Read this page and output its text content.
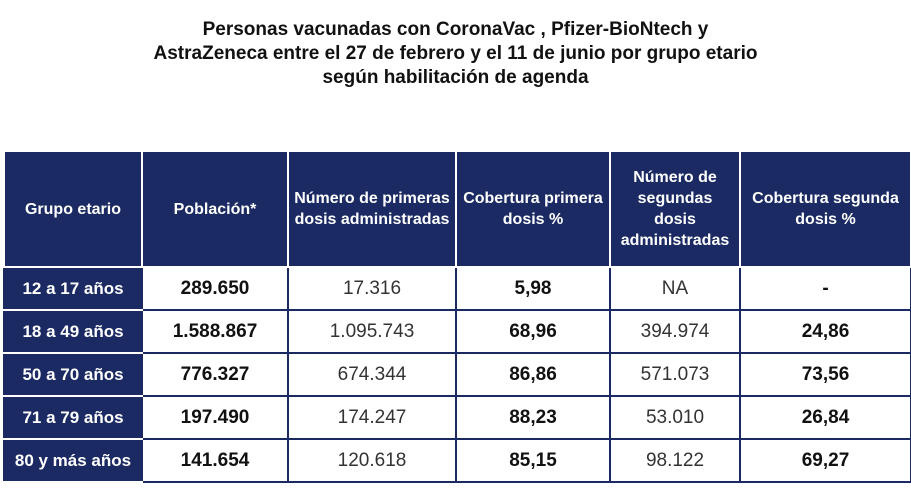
Personas vacunadas con CoronaVac , Pfizer-BioNtech y
AstraZeneca entre el 27 de febrero y el 11 de junio por grupo etario
según habilitación de agenda
Grupo etario	Población*	Número de primeras dosis administradas	Cobertura primera dosis %	Número de segundas dosis administradas	Cobertura segunda dosis %
12 a 17 años	289.650	17.316	5,98	NA	-
18 a 49 años	1.588.867	1.095.743	68,96	394.974	24,86
50 a 70 años	776.327	674.344	86,86	571.073	73,56
71 a 79 años	197.490	174.247	88,23	53.010	26,84
80 y más años	141.654	120.618	85,15	98.122	69,27
